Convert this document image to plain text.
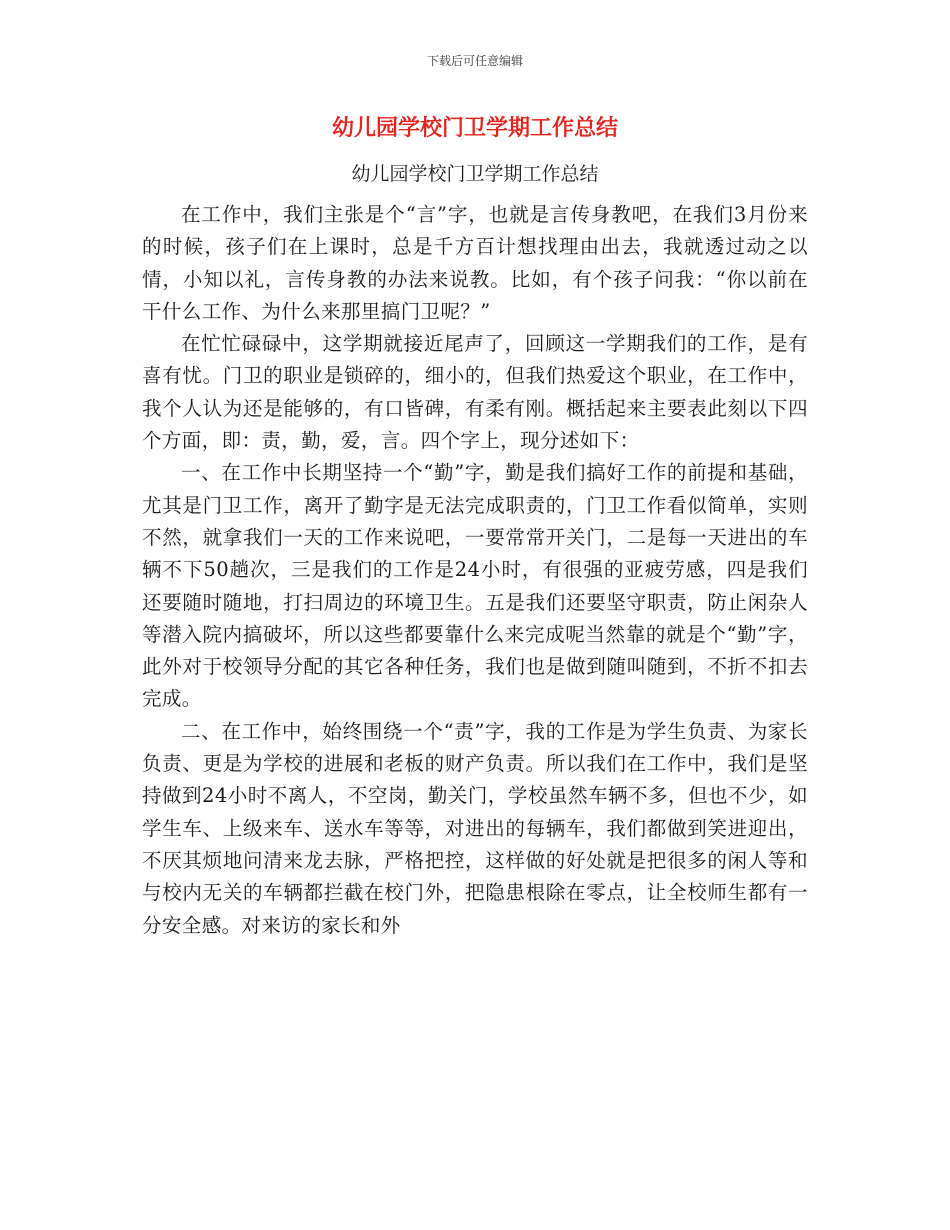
下载后可任意编辑
幼儿园学校门卫学期工作总结
幼儿园学校门卫学期工作总结

在工作中，我们主张是个“言”字，也就是言传身教吧，在我们3月份来的时候，孩子们在上课时，总是千方百计想找理由出去，我就透过动之以情，小知以礼，言传身教的办法来说教。比如，有个孩子问我：“你以前在干什么工作、为什么来那里搞门卫呢？”

在忙忙碌碌中，这学期就接近尾声了，回顾这一学期我们的工作，是有喜有忧。门卫的职业是锁碎的，细小的，但我们热爱这个职业，在工作中，我个人认为还是能够的，有口皆碑，有柔有刚。概括起来主要表此刻以下四个方面，即：责，勤，爱，言。四个字上，现分述如下：

一、在工作中长期坚持一个“勤”字，勤是我们搞好工作的前提和基础，尤其是门卫工作，离开了勤字是无法完成职责的，门卫工作看似简单，实则不然，就拿我们一天的工作来说吧，一要常常开关门，二是每一天进出的车辆不下50趟次，三是我们的工作是24小时，有很强的亚疲劳感，四是我们还要随时随地，打扫周边的环境卫生。五是我们还要坚守职责，防止闲杂人等潜入院内搞破坏，所以这些都要靠什么来完成呢当然靠的就是个“勤”字，此外对于校领导分配的其它各种任务，我们也是做到随叫随到，不折不扣去完成。

二、在工作中，始终围绕一个“责”字，我的工作是为学生负责、为家长负责、更是为学校的进展和老板的财产负责。所以我们在工作中，我们是坚持做到24小时不离人，不空岗，勤关门，学校虽然车辆不多，但也不少，如学生车、上级来车、送水车等等，对进出的每辆车，我们都做到笑进迎出，不厌其烦地问清来龙去脉，严格把控，这样做的好处就是把很多的闲人等和与校内无关的车辆都拦截在校门外，把隐患根除在零点，让全校师生都有一分安全感。对来访的家长和外
